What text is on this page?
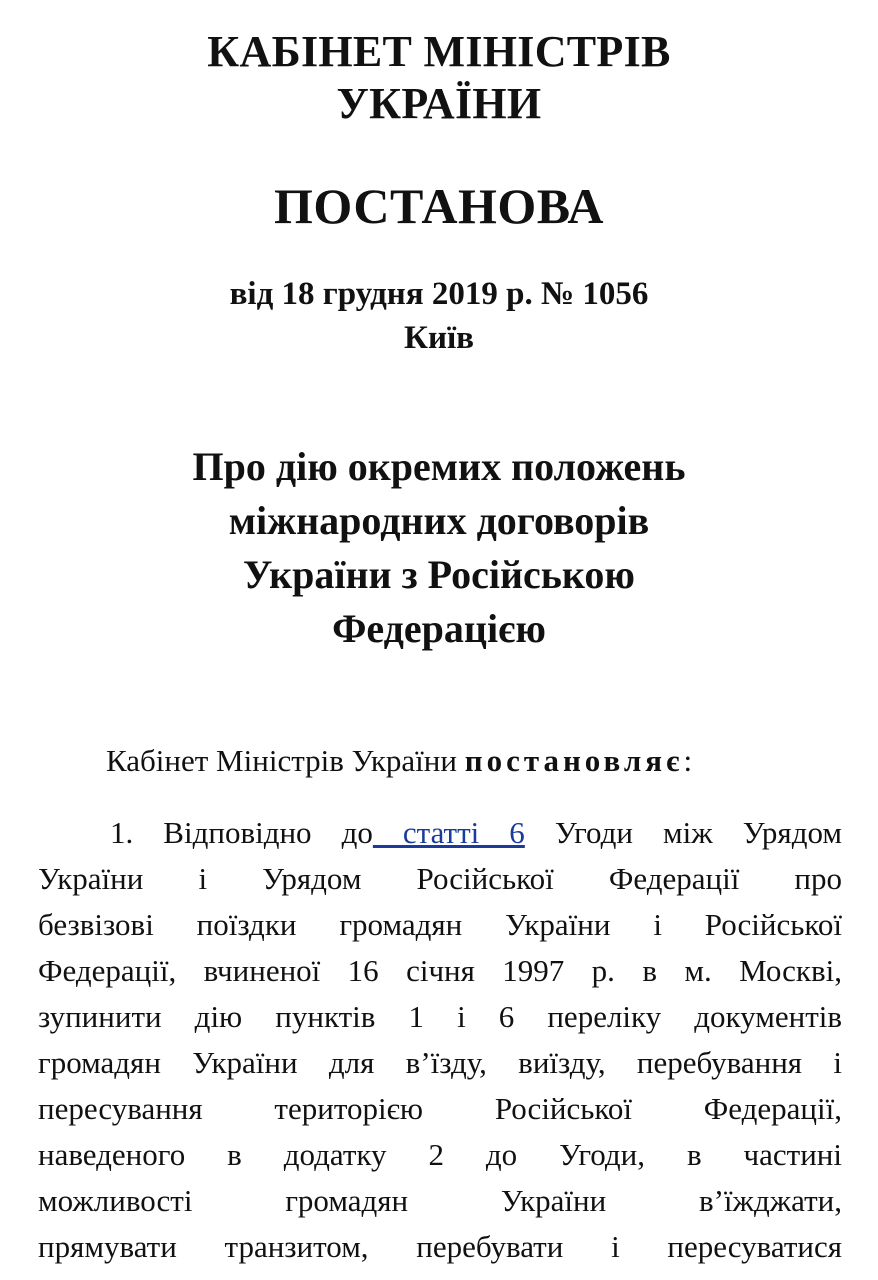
КАБІНЕТ МІНІСТРІВ
УКРАЇНИ
ПОСТАНОВА
від 18 грудня 2019 р. № 1056
Київ
Про дію окремих положень
міжнародних договорів
України з Російською
Федерацією
Кабінет Міністрів України постановляє:
1. Відповідно до статті 6 Угоди між Урядом
України і Урядом Російської Федерації про
безвізові поїздки громадян України і Російської
Федерації, вчиненої 16 січня 1997 р. в м. Москві,
зупинити дію пунктів 1 і 6 переліку документів
громадян України для в’їзду, виїзду, перебування і
пересування територією Російської Федерації,
наведеного в додатку 2 до Угоди, в частині
можливості громадян України в’їжджати,
прямувати транзитом, перебувати і пересуватися
